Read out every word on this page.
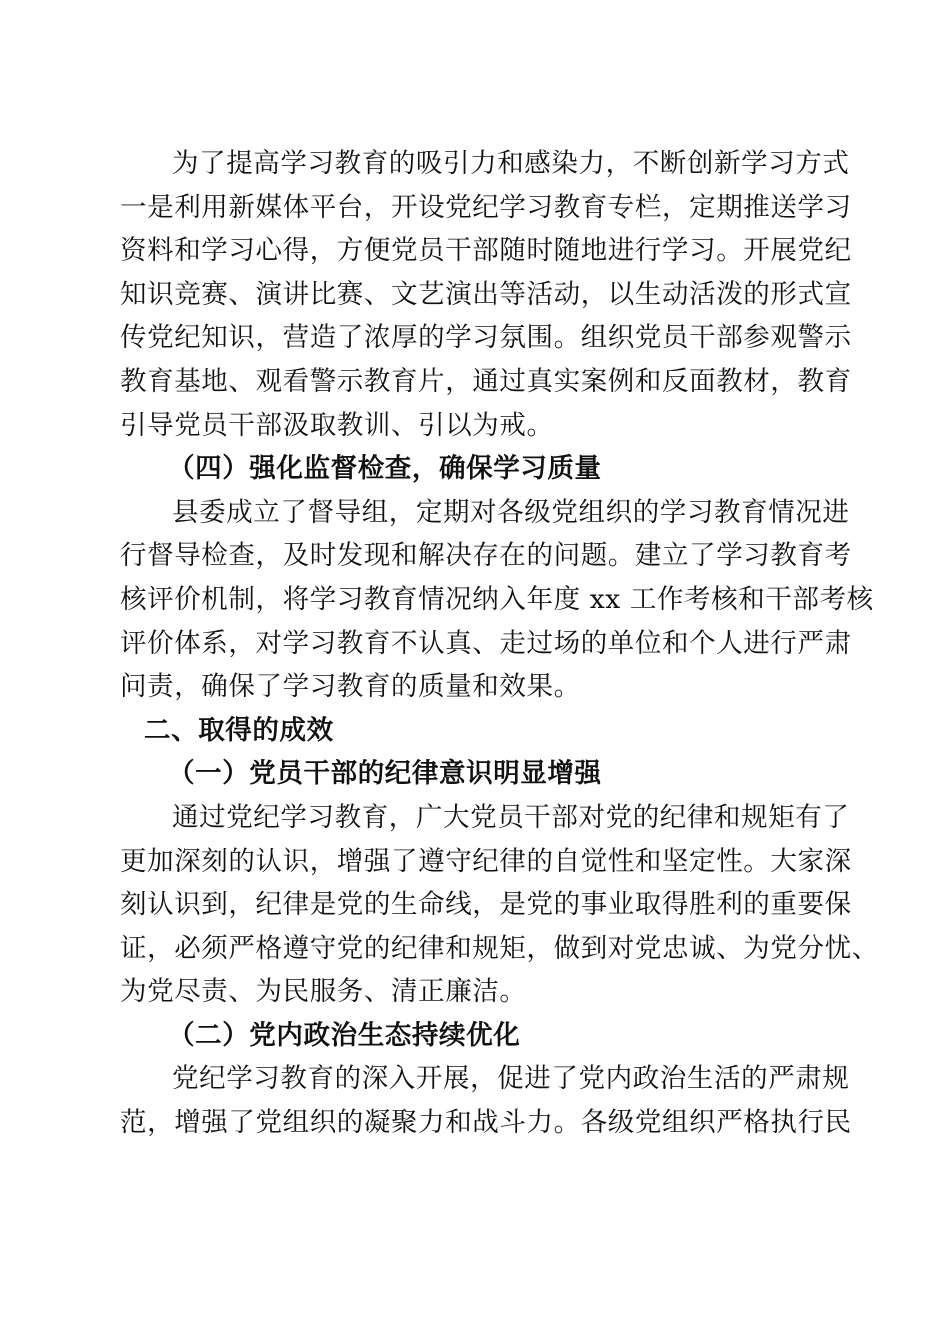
为了提高学习教育的吸引力和感染力，不断创新学习方式
一是利用新媒体平台，开设党纪学习教育专栏，定期推送学习
资料和学习心得，方便党员干部随时随地进行学习。开展党纪
知识竞赛、演讲比赛、文艺演出等活动，以生动活泼的形式宣
传党纪知识，营造了浓厚的学习氛围。组织党员干部参观警示
教育基地、观看警示教育片，通过真实案例和反面教材，教育
引导党员干部汲取教训、引以为戒。
（四）强化监督检查，确保学习质量
县委成立了督导组，定期对各级党组织的学习教育情况进
行督导检查，及时发现和解决存在的问题。建立了学习教育考
核评价机制，将学习教育情况纳入年度 xx 工作考核和干部考核
评价体系，对学习教育不认真、走过场的单位和个人进行严肃
问责，确保了学习教育的质量和效果。
二、取得的成效
（一）党员干部的纪律意识明显增强
通过党纪学习教育，广大党员干部对党的纪律和规矩有了
更加深刻的认识，增强了遵守纪律的自觉性和坚定性。大家深
刻认识到，纪律是党的生命线，是党的事业取得胜利的重要保
证，必须严格遵守党的纪律和规矩，做到对党忠诚、为党分忧、
为党尽责、为民服务、清正廉洁。
（二）党内政治生态持续优化
党纪学习教育的深入开展，促进了党内政治生活的严肃规
范，增强了党组织的凝聚力和战斗力。各级党组织严格执行民
